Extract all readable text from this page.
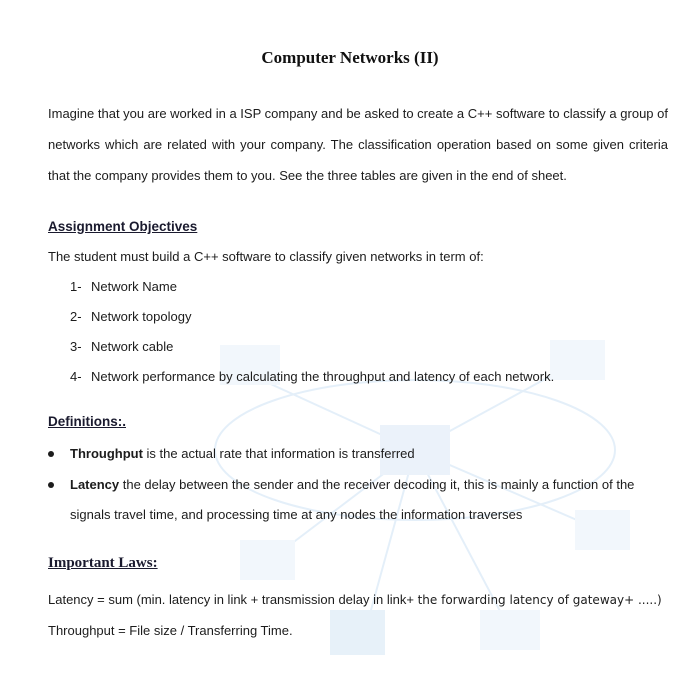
Computer Networks (II)

Imagine that you are worked in a ISP company and be asked to create a C++ software to classify a group of networks which are related with your company. The classification operation based on some given criteria that the company provides them to you. See the three tables are given in the end of sheet.

Assignment Objectives
The student must build a C++ software to classify given networks in term of:
1- Network Name
2- Network topology
3- Network cable
4- Network performance by calculating the throughput and latency of each network.
Definitions:.
Throughput is the actual rate that information is transferred
Latency the delay between the sender and the receiver decoding it, this is mainly a function of the signals travel time, and processing time at any nodes the information traverses
Important Laws:
Latency = sum (min. latency in link + transmission delay in link+ the forwarding latency of gateway+ .....)
Throughput = File size / Transferring Time.
